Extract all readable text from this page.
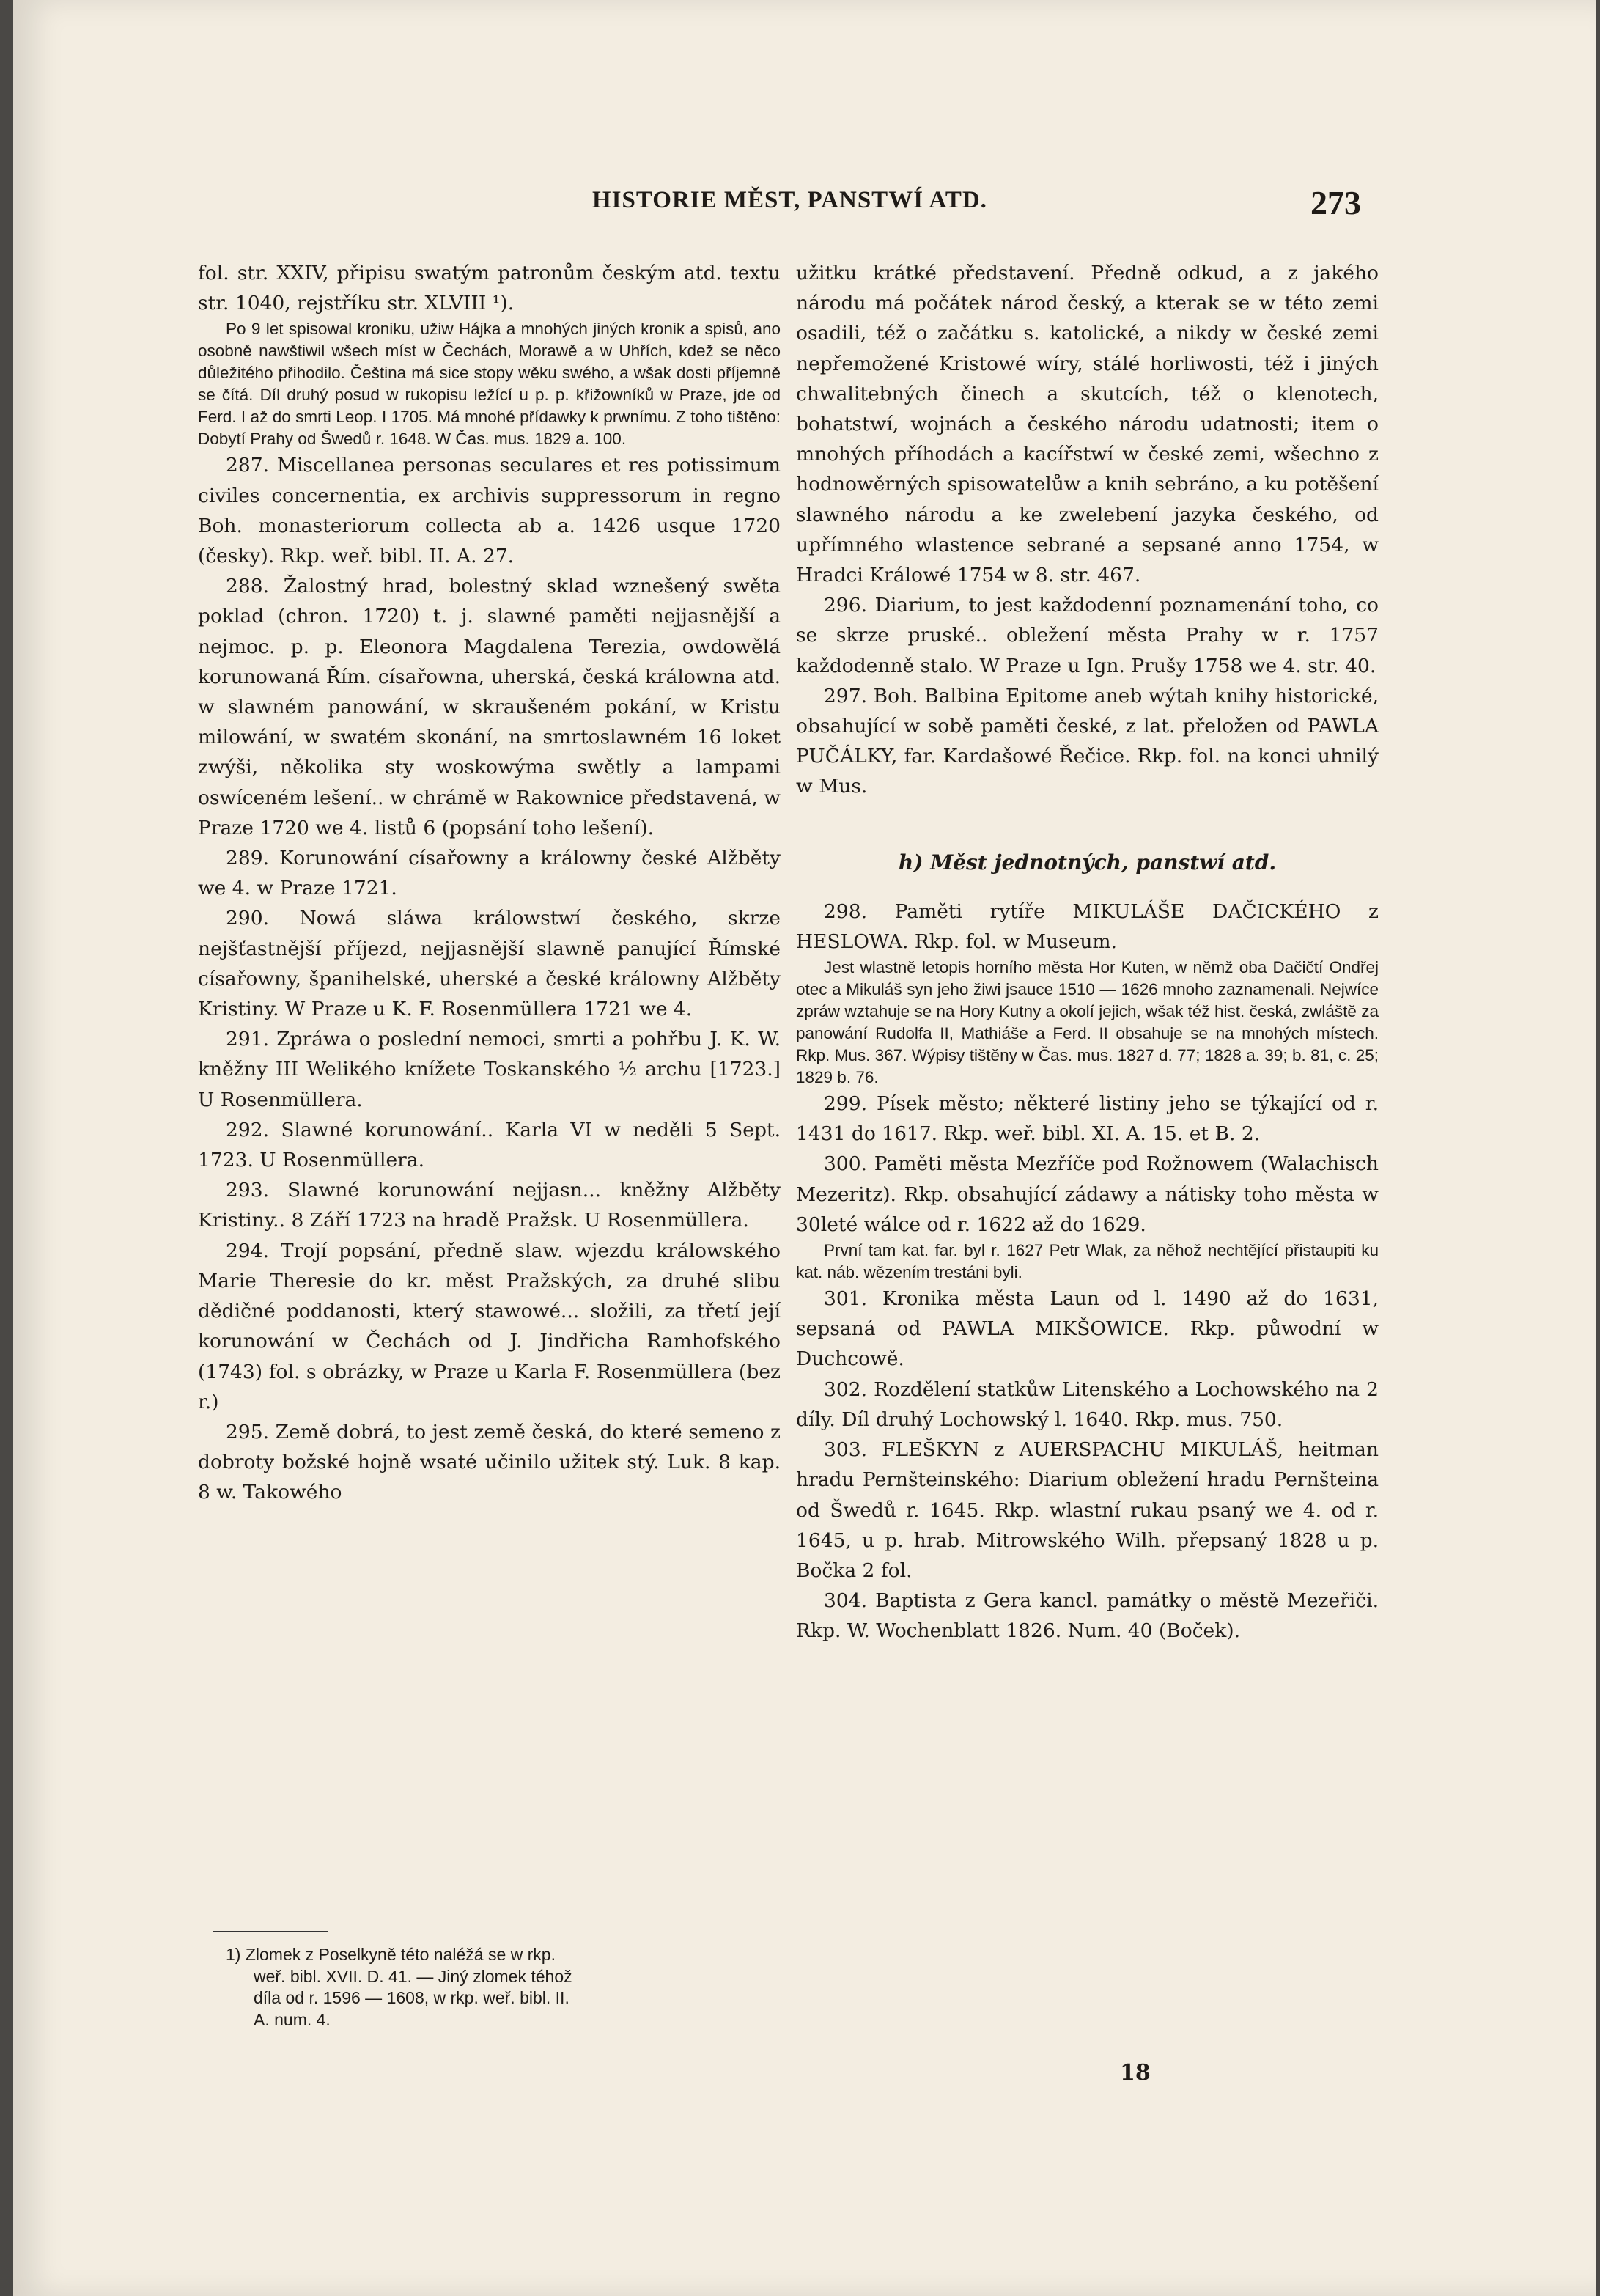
HISTORIE MĚST, PANSTWÍ ATD.	273

fol. str. XXIV, připisu swatým patronům českým atd. textu str. 1040, rejstříku str. XLVIII ¹).

Po 9 let spisowal kroniku, užiw Hájka a mnohých jiných kronik a spisů, ano osobně nawštiwil wšech míst w Čechách, Morawě a w Uhřích, kdež se něco důležitého přihodilo. Čeština má sice stopy wěku swého, a wšak dosti příjemně se čítá. Díl druhý posud w rukopisu ležící u p. p. křižowníků w Praze, jde od Ferd. I až do smrti Leop. I 1705. Má mnohé přídawky k prwnímu. Z toho tištěno: Dobytí Prahy od Šwedů r. 1648. W Čas. mus. 1829 a. 100.

287. Miscellanea personas seculares et res potissimum civiles concernentia, ex archivis suppressorum in regno Boh. monasteriorum collecta ab a. 1426 usque 1720 (česky). Rkp. weř. bibl. II. A. 27.

288. Žalostný hrad, bolestný sklad wznešený swěta poklad (chron. 1720) t. j. slawné paměti nejjasnější a nejmoc. p. p. Eleonora Magdalena Terezia, owdowělá korunowaná Řím. císařowna, uherská, česká králowna atd. w slawném panowání, w skraušeném pokání, w Kristu milowání, w swatém skonání, na smrtoslawném 16 loket zwýši, několika sty woskowýma swětly a lampami oswíceném lešení.. w chrámě w Rakownice představená, w Praze 1720 we 4. listů 6 (popsání toho lešení).

289. Korunowání císařowny a králowny české Alžběty we 4. w Praze 1721.

290. Nowá sláwa králowstwí českého, skrze nejšťastnější příjezd, nejjasnější slawně panující Římské císařowny, španihelské, uherské a české králowny Alžběty Kristiny. W Praze u K. F. Rosenmüllera 1721 we 4.

291. Zpráwa o poslední nemoci, smrti a pohřbu J. K. W. kněžny III Welikého knížete Toskanského ½ archu [1723.] U Rosenmüllera.

292. Slawné korunowání.. Karla VI w neděli 5 Sept. 1723. U Rosenmüllera.

293. Slawné korunowání nejjasn... kněžny Alžběty Kristiny.. 8 Září 1723 na hradě Pražsk. U Rosenmüllera.

294. Trojí popsání, předně slaw. wjezdu králowského Marie Theresie do kr. měst Pražských, za druhé slibu dědičné poddanosti, který stawowé... složili, za třetí její korunowání w Čechách od J. Jindřicha Ramhofského (1743) fol. s obrázky, w Praze u Karla F. Rosenmüllera (bez r.)

295. Země dobrá, to jest země česká, do které semeno z dobroty božské hojně wsaté učinilo užitek stý. Luk. 8 kap. 8 w. Takowého

1) Zlomek z Poselkyně této naléžá se w rkp.
weř. bibl. XVII. D. 41. — Jiný zlomek téhož
díla od r. 1596 — 1608, w rkp. weř. bibl. II.
A. num. 4.

užitku krátké představení. Předně odkud, a z jakého národu má počátek národ český, a kterak se w této zemi osadili, též o začátku s. katolické, a nikdy w české zemi nepřemožené Kristowé wíry, stálé horliwosti, též i jiných chwalitebných činech a skutcích, též o klenotech, bohatstwí, wojnách a českého národu udatnosti; item o mnohých příhodách a kacířstwí w české zemi, wšechno z hodnowěrných spisowatelůw a knih sebráno, a ku potěšení slawného národu a ke zwelebení jazyka českého, od upřímného wlastence sebrané a sepsané anno 1754, w Hradci Králowé 1754 w 8. str. 467.

296. Diarium, to jest každodenní poznamenání toho, co se skrze pruské.. obležení města Prahy w r. 1757 každodenně stalo. W Praze u Ign. Prušy 1758 we 4. str. 40.

297. Boh. Balbina Epitome aneb wýtah knihy historické, obsahující w sobě paměti české, z lat. přeložen od PAWLA PUČÁLKY, far. Kardašowé Řečice. Rkp. fol. na konci uhnilý w Mus.

h) Měst jednotných, panstwí atd.

298. Paměti rytíře MIKULÁŠE DAČICKÉHO z HESLOWA. Rkp. fol. w Museum.

Jest wlastně letopis horního města Hor Kuten, w němž oba Dačičtí Ondřej otec a Mikuláš syn jeho žiwi jsauce 1510 — 1626 mnoho zaznamenali. Nejwíce zpráw wztahuje se na Hory Kutny a okolí jejich, wšak též hist. česká, zwláště za panowání Rudolfa II, Mathiáše a Ferd. II obsahuje se na mnohých místech. Rkp. Mus. 367. Wýpisy tištěny w Čas. mus. 1827 d. 77; 1828 a. 39; b. 81, c. 25; 1829 b. 76.

299. Písek město; některé listiny jeho se týkající od r. 1431 do 1617. Rkp. weř. bibl. XI. A. 15. et B. 2.

300. Paměti města Mezříče pod Rožnowem (Walachisch Mezeritz). Rkp. obsahující zádawy a nátisky toho města w 30leté wálce od r. 1622 až do 1629.

První tam kat. far. byl r. 1627 Petr Wlak, za něhož nechtějící přistaupiti ku kat. náb. wězením trestáni byli.

301. Kronika města Laun od l. 1490 až do 1631, sepsaná od PAWLA MIKŠOWICE. Rkp. půwodní w Duchcowě.

302. Rozdělení statkůw Litenského a Lochowského na 2 díly. Díl druhý Lochowský l. 1640. Rkp. mus. 750.

303. FLEŠKYN z AUERSPACHU MIKULÁŠ, heitman hradu Pernšteinského: Diarium obležení hradu Pernšteina od Šwedů r. 1645. Rkp. wlastní rukau psaný we 4. od r. 1645, u p. hrab. Mitrowského Wilh. přepsaný 1828 u p. Bočka 2 fol.

304. Baptista z Gera kancl. památky o městě Mezeřiči. Rkp. W. Wochenblatt 1826. Num. 40 (Boček).

18
